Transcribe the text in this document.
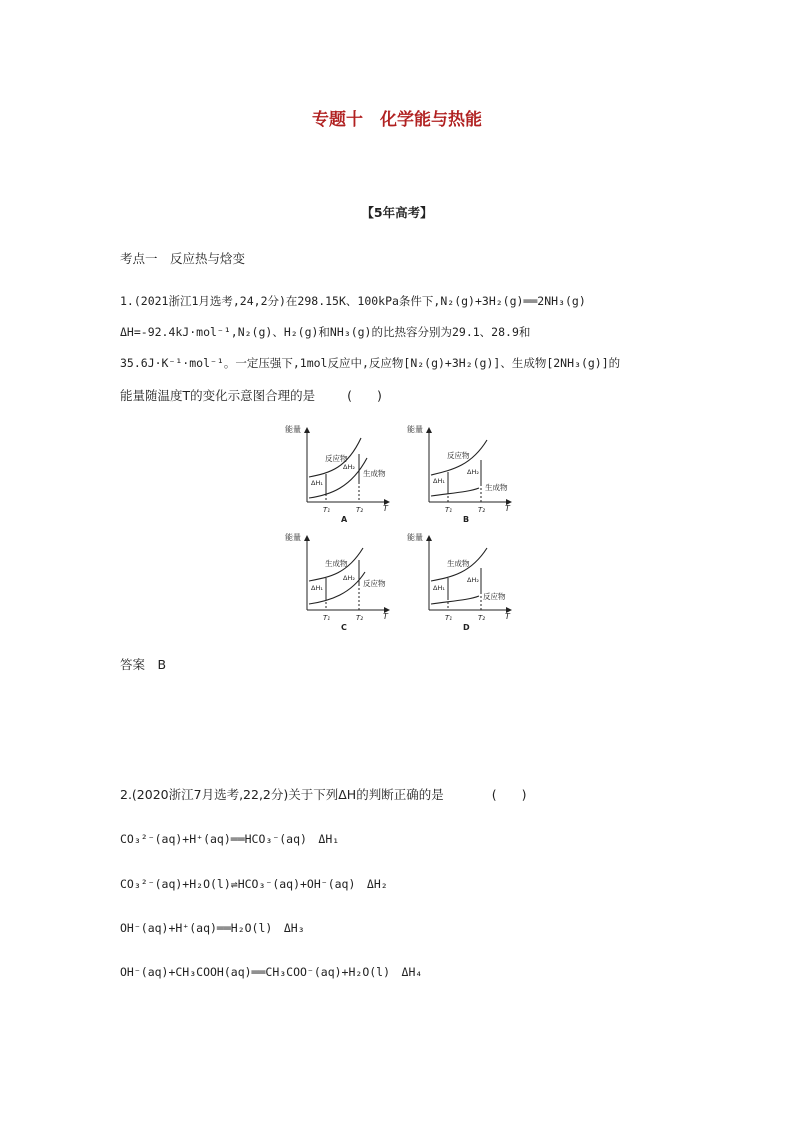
专题十　化学能与热能
【5年高考】
考点一　反应热与焓变
1.(2021浙江1月选考,24,2分)在298.15K、100kPa条件下,N₂(g)+3H₂(g)══2NH₃(g)
ΔH=-92.4kJ·mol⁻¹,N₂(g)、H₂(g)和NH₃(g)的比热容分别为29.1、28.9和
35.6J·K⁻¹·mol⁻¹。一定压强下,1mol反应中,反应物[N₂(g)+3H₂(g)]、生成物[2NH₃(g)]的
能量随温度T的变化示意图合理的是	(　　)
能量
T
反应物
生成物
ΔH₁
ΔH₂
T₁	T₂
A
能量
T
反应物
生成物
ΔH₁
ΔH₂
T₁	T₂
B
能量
T
生成物
反应物
ΔH₁
ΔH₂
T₁	T₂
C
能量
T
生成物
反应物
ΔH₁
ΔH₂
T₁	T₂
D
答案　B
2.(2020浙江7月选考,22,2分)关于下列ΔH的判断正确的是	(　　)
CO₃²⁻(aq)+H⁺(aq)══HCO₃⁻(aq)　ΔH₁
CO₃²⁻(aq)+H₂O(l)⇌HCO₃⁻(aq)+OH⁻(aq)　ΔH₂
OH⁻(aq)+H⁺(aq)══H₂O(l)　ΔH₃
OH⁻(aq)+CH₃COOH(aq)══CH₃COO⁻(aq)+H₂O(l)　ΔH₄
